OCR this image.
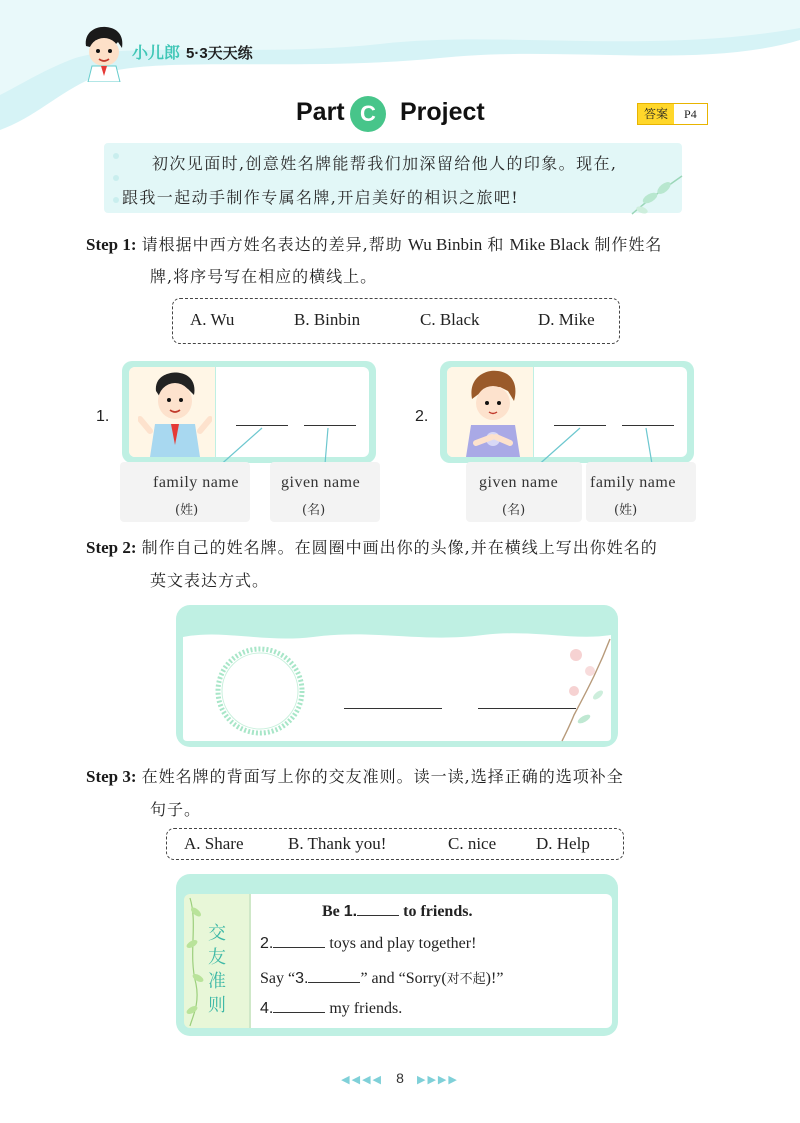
小儿郎 5·3天天练
Part C Project	答案	P4
初次见面时,创意姓名牌能帮我们加深留给他人的印象。现在,
跟我一起动手制作专属名牌,开启美好的相识之旅吧!
Step 1: 请根据中西方姓名表达的差异,帮助 Wu Binbin 和 Mike Black 制作姓名
牌,将序号写在相应的横线上。
A. Wu	B. Binbin	C. Black	D. Mike
1.
family name
(姓)
given name
(名)
2.
given name
(名)
family name
(姓)
Step 2: 制作自己的姓名牌。在圆圈中画出你的头像,并在横线上写出你姓名的
英文表达方式。
Step 3: 在姓名牌的背面写上你的交友准则。读一读,选择正确的选项补全
句子。
A. Share	B. Thank you!	C. nice D. Help
交
友
准
则
Be 1.	to friends.
2.	toys and play together!
Say “3.	” and “Sorry(对不起)!”
4.	my friends.
◀◀◀◀ 8 ▶▶▶▶
